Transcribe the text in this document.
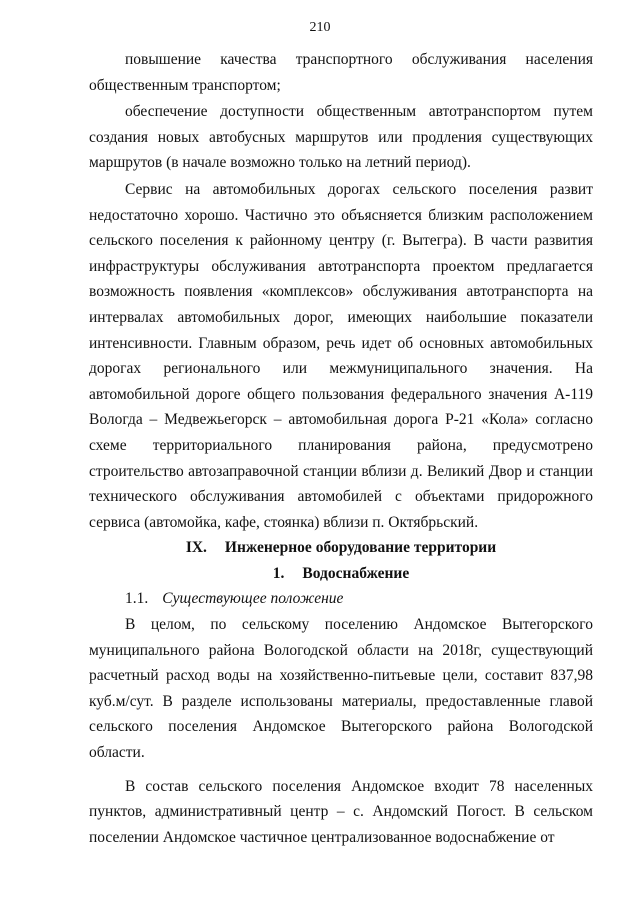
210

повышение качества транспортного обслуживания населения общественным транспортом;

обеспечение доступности общественным автотранспортом путем создания новых автобусных маршрутов или продления существующих маршрутов (в начале возможно только на летний период).

Сервис на автомобильных дорогах сельского поселения развит недостаточно хорошо. Частично это объясняется близким расположением сельского поселения к районному центру (г. Вытегра). В части развития инфраструктуры обслуживания автотранспорта проектом предлагается возможность появления «комплексов» обслуживания автотранспорта на интервалах автомобильных дорог, имеющих наибольшие показатели интенсивности. Главным образом, речь идет об основных автомобильных дорогах регионального или межмуниципального значения. На автомобильной дороге общего пользования федерального значения А-119 Вологда – Медвежьегорск – автомобильная дорога Р-21 «Кола» согласно схеме территориального планирования района, предусмотрено строительство автозаправочной станции вблизи д. Великий Двор и станции технического обслуживания автомобилей с объектами придорожного сервиса (автомойка, кафе, стоянка) вблизи п. Октябрьский.

IX. Инженерное оборудование территории

1. Водоснабжение

1.1. Существующее положение

В целом, по сельскому поселению Андомское Вытегорского муниципального района Вологодской области на 2018г, существующий расчетный расход воды на хозяйственно-питьевые цели, составит 837,98 куб.м/сут. В разделе использованы материалы, предоставленные главой сельского поселения Андомское Вытегорского района Вологодской области.

В состав сельского поселения Андомское входит 78 населенных пунктов, административный центр – с. Андомский Погост. В сельском поселении Андомское частичное централизованное водоснабжение от
